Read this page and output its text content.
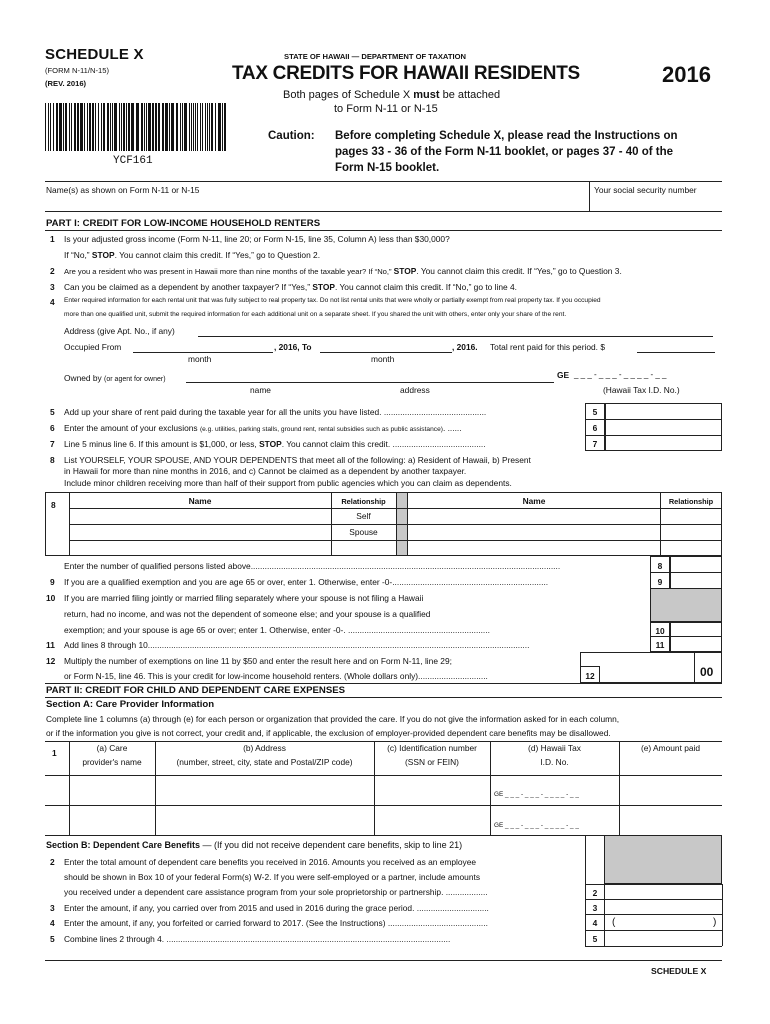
SCHEDULE X
(FORM N-11/N-15)
(REV. 2016)
STATE OF HAWAII — DEPARTMENT OF TAXATION
TAX CREDITS FOR HAWAII RESIDENTS	2016
Both pages of Schedule X must be attached
to Form N-11 or N-15
Caution: Before completing Schedule X, please read the Instructions on
pages 33 - 36 of the Form N-11 booklet, or pages 37 - 40 of the
Form N-15 booklet.
YCF161
Name(s) as shown on Form N-11 or N-15	Your social security number
PART I: CREDIT FOR LOW-INCOME HOUSEHOLD RENTERS
1 Is your adjusted gross income (Form N-11, line 20; or Form N-15, line 35, Column A) less than $30,000?
If “No,” STOP. You cannot claim this credit. If “Yes,” go to Question 2.
2 Are you a resident who was present in Hawaii more than nine months of the taxable year? If “No,” STOP. You cannot claim this credit. If “Yes,” go to Question 3.
3 Can you be claimed as a dependent by another taxpayer? If “Yes,” STOP. You cannot claim this credit. If “No,” go to line 4.
4 Enter required information for each rental unit that was fully subject to real property tax. Do not list rental units that were wholly or partially exempt from real property tax. If you occupied
more than one qualified unit, submit the required information for each additional unit on a separate sheet. If you shared the unit with others, enter only your share of the rent.
Address (give Apt. No., if any)
Occupied From	, 2016, To	, 2016. Total rent paid for this period. $
month	month
Owned by (or agent for owner)	GE _ _ _ - _ _ _ - _ _ _ _ - _ _
name	address	(Hawaii Tax I.D. No.)
5 Add up your share of rent paid during the taxable year for all the units you have listed. ............................................	5
6 Enter the amount of your exclusions (e.g. utilities, parking stalls, ground rent, rental subsidies such as public assistance). ......	6
7 Line 5 minus line 6. If this amount is $1,000, or less, STOP. You cannot claim this credit. ........................................	7
8 List YOURSELF, YOUR SPOUSE, AND YOUR DEPENDENTS that meet all of the following: a) Resident of Hawaii, b) Present
in Hawaii for more than nine months in 2016, and c) Cannot be claimed as a dependent by another taxpayer.
Include minor children receiving more than half of their support from public agencies which you can claim as dependents.
8	Name	Relationship	Name	Relationship
Self
Spouse
Enter the number of qualified persons listed above.....................................................................................................................................	8
9 If you are a qualified exemption and you are age 65 or over, enter 1. Otherwise, enter -0-...................................................................	9
10 If you are married filing jointly or married filing separately where your spouse is not filing a Hawaii
return, had no income, and was not the dependent of someone else; and your spouse is a qualified
exemption; and your spouse is age 65 or over; enter 1. Otherwise, enter -0-. .............................................................	10
11 Add lines 8 through 10....................................................................................................................................................................	11
12 Multiply the number of exemptions on line 11 by $50 and enter the result here and on Form N-11, line 29;
or Form N-15, line 46. This is your credit for low-income household renters. (Whole dollars only)..............................	12	00
PART II: CREDIT FOR CHILD AND DEPENDENT CARE EXPENSES
Section A: Care Provider Information
Complete line 1 columns (a) through (e) for each person or organization that provided the care. If you do not give the information asked for in each column,
or if the information you give is not correct, your credit and, if applicable, the exclusion of employer-provided dependent care benefits may be disallowed.
1	(a) Care
provider's name
(b) Address
(number, street, city, state and Postal/ZIP code)
(c) Identification number
(SSN or FEIN)
(d) Hawaii Tax
I.D. No.
(e) Amount paid
GE _ _ _ - _ _ _ - _ _ _ _ - _ _
GE _ _ _ - _ _ _ - _ _ _ _ - _ _
Section B: Dependent Care Benefits — (If you did not receive dependent care benefits, skip to line 21)
2 Enter the total amount of dependent care benefits you received in 2016. Amounts you received as an employee
should be shown in Box 10 of your federal Form(s) W-2. If you were self-employed or a partner, include amounts
you received under a dependent care assistance program from your sole proprietorship or partnership. ..................	2
3 Enter the amount, if any, you carried over from 2015 and used in 2016 during the grace period. ...............................	3
4 Enter the amount, if any, you forfeited or carried forward to 2017. (See the Instructions) ...........................................	4	(	)
5 Combine lines 2 through 4. ..........................................................................................................................	5
SCHEDULE X
